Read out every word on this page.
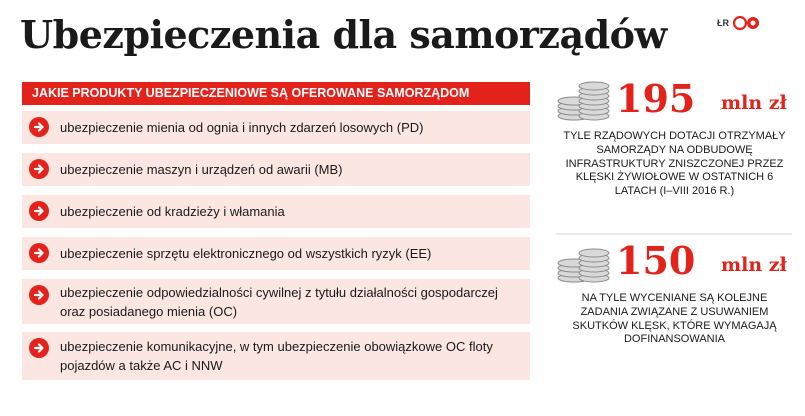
Ubezpieczenia dla samorządów	ŁR
JAKIE PRODUKTY UBEZPIECZENIOWE SĄ OFEROWANE SAMORZĄDOM
ubezpieczenie mienia od ognia i innych zdarzeń losowych (PD)
ubezpieczenie maszyn i urządzeń od awarii (MB)
ubezpieczenie od kradzieży i włamania
ubezpieczenie sprzętu elektronicznego od wszystkich ryzyk (EE)
ubezpieczenie odpowiedzialności cywilnej z tytułu działalności gospodarczej oraz posiadanego mienia (OC)
ubezpieczenie komunikacyjne, w tym ubezpieczenie obowiązkowe OC floty pojazdów a także AC i NNW
195 mln zł
TYLE RZĄDOWYCH DOTACJI OTRZYMAŁY SAMORZĄDY NA ODBUDOWĘ INFRASTRUKTURY ZNISZCZONEJ PRZEZ KLĘSKI ŻYWIOŁOWE W OSTATNICH 6 LATACH (I–VIII 2016 R.)
150 mln zł
NA TYLE WYCENIANE SĄ KOLEJNE ZADANIA ZWIĄZANE Z USUWANIEM SKUTKÓW KLĘSK, KTÓRE WYMAGAJĄ DOFINANSOWANIA
